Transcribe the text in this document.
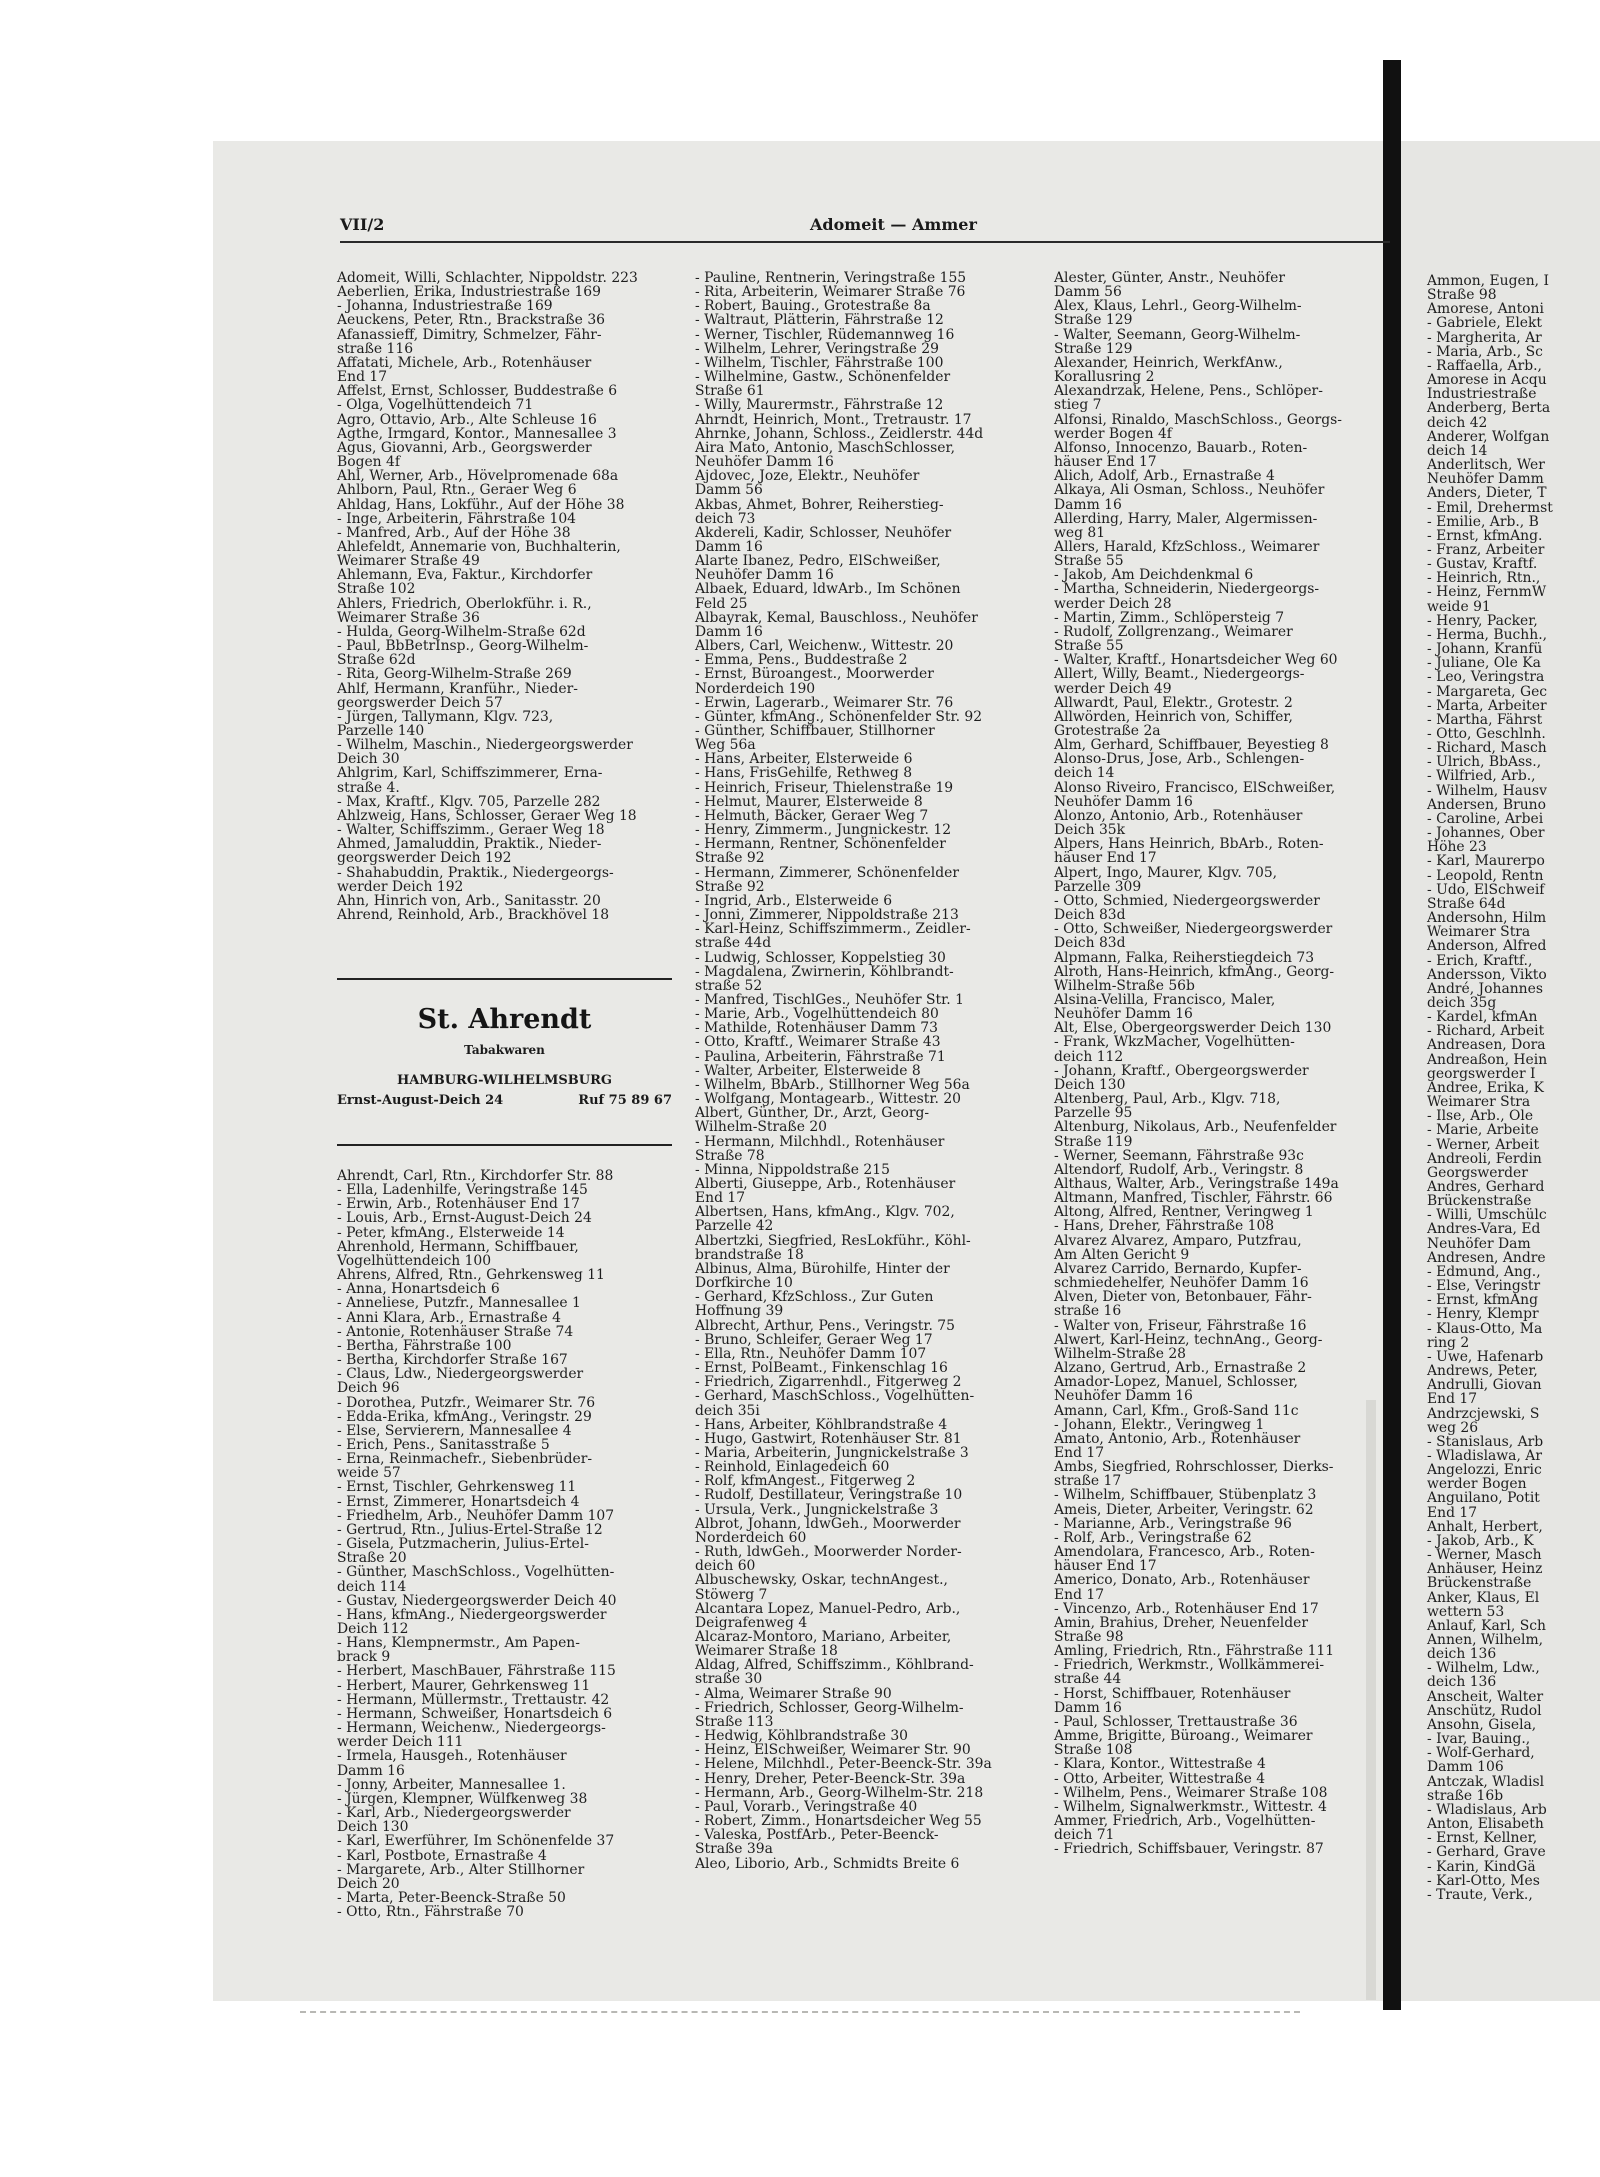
Ammon, Eugen, I

Straße 98

Amorese, Antoni

- Gabriele, Elekt

- Margherita, Ar

- Maria, Arb., Sc

- Raffaella, Arb.,

Amorese in Acqu

Industriestraße

Anderberg, Berta

deich 42

Anderer, Wolfgan

deich 14

Anderlitsch, Wer

Neuhöfer Damm

Anders, Dieter, T

- Emil, Drehermst

- Emilie, Arb., B

- Ernst, kfmAng.

- Franz, Arbeiter

- Gustav, Kraftf.

- Heinrich, Rtn.,

- Heinz, FernmW

weide 91

- Henry, Packer,

- Herma, Buchh.,

- Johann, Kranfü

- Juliane, Ole Ka

- Leo, Veringstra

- Margareta, Gec

- Marta, Arbeiter

- Martha, Fährst

- Otto, Geschlnh.

- Richard, Masch

- Ulrich, BbAss.,

- Wilfried, Arb.,

- Wilhelm, Hausv

Andersen, Bruno

- Caroline, Arbei

- Johannes, Ober

Höhe 23

- Karl, Maurerpo

- Leopold, Rentn

- Udo, ElSchweif

Straße 64d

Andersohn, Hilm

Weimarer Stra

Anderson, Alfred

- Erich, Kraftf.,

Andersson, Vikto

André, Johannes

deich 35g

- Kardel, kfmAn

- Richard, Arbeit

Andreasen, Dora

Andreaßon, Hein

georgswerder I

Andree, Erika, K

Weimarer Stra

- Ilse, Arb., Ole

- Marie, Arbeite

- Werner, Arbeit

Andreoli, Ferdin

Georgswerder

Andres, Gerhard

Brückenstraße

- Willi, Umschülc

Andres-Vara, Ed

Neuhöfer Dam

Andresen, Andre

- Edmund, Ang.,

- Else, Veringstr

- Ernst, kfmAng

- Henry, Klempr

- Klaus-Otto, Ma

ring 2

- Uwe, Hafenarb

Andrews, Peter,

Andrulli, Giovan

End 17

Andrzcjewski, S

weg 26

- Stanislaus, Arb

- Wladislawa, Ar

Angelozzi, Enric

werder Bogen

Anguilano, Potit

End 17

Anhalt, Herbert,

- Jakob, Arb., K

- Werner, Masch

Anhäuser, Heinz

Brückenstraße

Anker, Klaus, El

wettern 53

Anlauf, Karl, Sch

Annen, Wilhelm,

deich 136

- Wilhelm, Ldw.,

deich 136

Anscheit, Walter

Anschütz, Rudol

Ansohn, Gisela,

- Ivar, Bauing.,

- Wolf-Gerhard,

Damm 106

Antczak, Wladisl

straße 16b

- Wladislaus, Arb

Anton, Elisabeth

- Ernst, Kellner,

- Gerhard, Grave

- Karin, KindGä

- Karl-Otto, Mes

- Traute, Verk.,

VII/2	Adomeit — Ammer

Adomeit, Willi, Schlachter, Nippoldstr. 223

Aeberlien, Erika, Industriestraße 169

- Johanna, Industriestraße 169

Aeuckens, Peter, Rtn., Brackstraße 36

Afanassieff, Dimitry, Schmelzer, Fähr-

straße 116

Affatati, Michele, Arb., Rotenhäuser

End 17

Affelst, Ernst, Schlosser, Buddestraße 6

- Olga, Vogelhüttendeich 71

Agro, Ottavio, Arb., Alte Schleuse 16

Agthe, Irmgard, Kontor., Mannesallee 3

Agus, Giovanni, Arb., Georgswerder

Bogen 4f

Ahl, Werner, Arb., Hövelpromenade 68a

Ahlborn, Paul, Rtn., Geraer Weg 6

Ahldag, Hans, Lokführ., Auf der Höhe 38

- Inge, Arbeiterin, Fährstraße 104

- Manfred, Arb., Auf der Höhe 38

Ahlefeldt, Annemarie von, Buchhalterin,

Weimarer Straße 49

Ahlemann, Eva, Faktur., Kirchdorfer

Straße 102

Ahlers, Friedrich, Oberlokführ. i. R.,

Weimarer Straße 36

- Hulda, Georg-Wilhelm-Straße 62d

- Paul, BbBetrInsp., Georg-Wilhelm-

Straße 62d

- Rita, Georg-Wilhelm-Straße 269

Ahlf, Hermann, Kranführ., Nieder-

georgswerder Deich 57

- Jürgen, Tallymann, Klgv. 723,

Parzelle 140

- Wilhelm, Maschin., Niedergeorgswerder

Deich 30

Ahlgrim, Karl, Schiffszimmerer, Erna-

straße 4.

- Max, Kraftf., Klgv. 705, Parzelle 282

Ahlzweig, Hans, Schlosser, Geraer Weg 18

- Walter, Schiffszimm., Geraer Weg 18

Ahmed, Jamaluddin, Praktik., Nieder-

georgswerder Deich 192

- Shahabuddin, Praktik., Niedergeorgs-

werder Deich 192

Ahn, Hinrich von, Arb., Sanitasstr. 20

Ahrend, Reinhold, Arb., Brackhövel 18

St. Ahrendt
Tabakwaren
HAMBURG-WILHELMSBURG
Ernst-August-Deich 24	Ruf 75 89 67

Ahrendt, Carl, Rtn., Kirchdorfer Str. 88

- Ella, Ladenhilfe, Veringstraße 145

- Erwin, Arb., Rotenhäuser End 17

- Louis, Arb., Ernst-August-Deich 24

- Peter, kfmAng., Elsterweide 14

Ahrenhold, Hermann, Schiffbauer,

Vogelhüttendeich 100

Ahrens, Alfred, Rtn., Gehrkensweg 11

- Anna, Honartsdeich 6

- Anneliese, Putzfr., Mannesallee 1

- Anni Klara, Arb., Ernastraße 4

- Antonie, Rotenhäuser Straße 74

- Bertha, Fährstraße 100

- Bertha, Kirchdorfer Straße 167

- Claus, Ldw., Niedergeorgswerder

Deich 96

- Dorothea, Putzfr., Weimarer Str. 76

- Edda-Erika, kfmAng., Veringstr. 29

- Else, Servierern, Mannesallee 4

- Erich, Pens., Sanitasstraße 5

- Erna, Reinmachefr., Siebenbrüder-

weide 57

- Ernst, Tischler, Gehrkensweg 11

- Ernst, Zimmerer, Honartsdeich 4

- Friedhelm, Arb., Neuhöfer Damm 107

- Gertrud, Rtn., Julius-Ertel-Straße 12

- Gisela, Putzmacherin, Julius-Ertel-

Straße 20

- Günther, MaschSchloss., Vogelhütten-

deich 114

- Gustav, Niedergeorgswerder Deich 40

- Hans, kfmAng., Niedergeorgswerder

Deich 112

- Hans, Klempnermstr., Am Papen-

brack 9

- Herbert, MaschBauer, Fährstraße 115

- Herbert, Maurer, Gehrkensweg 11

- Hermann, Müllermstr., Trettaustr. 42

- Hermann, Schweißer, Honartsdeich 6

- Hermann, Weichenw., Niedergeorgs-

werder Deich 111

- Irmela, Hausgeh., Rotenhäuser

Damm 16

- Jonny, Arbeiter, Mannesallee 1.

- Jürgen, Klempner, Wülfkenweg 38

- Karl, Arb., Niedergeorgswerder

Deich 130

- Karl, Ewerführer, Im Schönenfelde 37

- Karl, Postbote, Ernastraße 4

- Margarete, Arb., Alter Stillhorner

Deich 20

- Marta, Peter-Beenck-Straße 50

- Otto, Rtn., Fährstraße 70

- Pauline, Rentnerin, Veringstraße 155

- Rita, Arbeiterin, Weimarer Straße 76

- Robert, Bauing., Grotestraße 8a

- Waltraut, Plätterin, Fährstraße 12

- Werner, Tischler, Rüdemannweg 16

- Wilhelm, Lehrer, Veringstraße 29

- Wilhelm, Tischler, Fährstraße 100

- Wilhelmine, Gastw., Schönenfelder

Straße 61

- Willy, Maurermstr., Fährstraße 12

Ahrndt, Heinrich, Mont., Tretraustr. 17

Ahrnke, Johann, Schloss., Zeidlerstr. 44d

Aira Mato, Antonio, MaschSchlosser,

Neuhöfer Damm 16

Ajdovec, Joze, Elektr., Neuhöfer

Damm 56

Akbas, Ahmet, Bohrer, Reiherstieg-

deich 73

Akdereli, Kadir, Schlosser, Neuhöfer

Damm 16

Alarte Ibanez, Pedro, ElSchweißer,

Neuhöfer Damm 16

Albaek, Eduard, ldwArb., Im Schönen

Feld 25

Albayrak, Kemal, Bauschloss., Neuhöfer

Damm 16

Albers, Carl, Weichenw., Wittestr. 20

- Emma, Pens., Buddestraße 2

- Ernst, Büroangest., Moorwerder

Norderdeich 190

- Erwin, Lagerarb., Weimarer Str. 76

- Günter, kfmAng., Schönenfelder Str. 92

- Günther, Schiffbauer, Stillhorner

Weg 56a

- Hans, Arbeiter, Elsterweide 6

- Hans, FrisGehilfe, Rethweg 8

- Heinrich, Friseur, Thielenstraße 19

- Helmut, Maurer, Elsterweide 8

- Helmuth, Bäcker, Geraer Weg 7

- Henry, Zimmerm., Jungnickestr. 12

- Hermann, Rentner, Schönenfelder

Straße 92

- Hermann, Zimmerer, Schönenfelder

Straße 92

- Ingrid, Arb., Elsterweide 6

- Jonni, Zimmerer, Nippoldstraße 213

- Karl-Heinz, Schiffszimmerm., Zeidler-

straße 44d

- Ludwig, Schlosser, Koppelstieg 30

- Magdalena, Zwirnerin, Köhlbrandt-

straße 52

- Manfred, TischlGes., Neuhöfer Str. 1

- Marie, Arb., Vogelhüttendeich 80

- Mathilde, Rotenhäuser Damm 73

- Otto, Kraftf., Weimarer Straße 43

- Paulina, Arbeiterin, Fährstraße 71

- Walter, Arbeiter, Elsterweide 8

- Wilhelm, BbArb., Stillhorner Weg 56a

- Wolfgang, Montagearb., Wittestr. 20

Albert, Günther, Dr., Arzt, Georg-

Wilhelm-Straße 20

- Hermann, Milchhdl., Rotenhäuser

Straße 78

- Minna, Nippoldstraße 215

Alberti, Giuseppe, Arb., Rotenhäuser

End 17

Albertsen, Hans, kfmAng., Klgv. 702,

Parzelle 42

Albertzki, Siegfried, ResLokführ., Köhl-

brandstraße 18

Albinus, Alma, Bürohilfe, Hinter der

Dorfkirche 10

- Gerhard, KfzSchloss., Zur Guten

Hoffnung 39

Albrecht, Arthur, Pens., Veringstr. 75

- Bruno, Schleifer, Geraer Weg 17

- Ella, Rtn., Neuhöfer Damm 107

- Ernst, PolBeamt., Finkenschlag 16

- Friedrich, Zigarrenhdl., Fitgerweg 2

- Gerhard, MaschSchloss., Vogelhütten-

deich 35i

- Hans, Arbeiter, Köhlbrandstraße 4

- Hugo, Gastwirt, Rotenhäuser Str. 81

- Maria, Arbeiterin, Jungnickelstraße 3

- Reinhold, Einlagedeich 60

- Rolf, kfmAngest., Fitgerweg 2

- Rudolf, Destillateur, Veringstraße 10

- Ursula, Verk., Jungnickelstraße 3

Albrot, Johann, ldwGeh., Moorwerder

Norderdeich 60

- Ruth, ldwGeh., Moorwerder Norder-

deich 60

Albuschewsky, Oskar, technAngest.,

Stöwerg 7

Alcantara Lopez, Manuel-Pedro, Arb.,

Deigrafenweg 4

Alcaraz-Montoro, Mariano, Arbeiter,

Weimarer Straße 18

Aldag, Alfred, Schiffszimm., Köhlbrand-

straße 30

- Alma, Weimarer Straße 90

- Friedrich, Schlosser, Georg-Wilhelm-

Straße 113

- Hedwig, Köhlbrandstraße 30

- Heinz, ElSchweißer, Weimarer Str. 90

- Helene, Milchhdl., Peter-Beenck-Str. 39a

- Henry, Dreher, Peter-Beenck-Str. 39a

- Hermann, Arb., Georg-Wilhelm-Str. 218

- Paul, Vorarb., Veringstraße 40

- Robert, Zimm., Honartsdeicher Weg 55

- Valeska, PostfArb., Peter-Beenck-

Straße 39a

Aleo, Liborio, Arb., Schmidts Breite 6

Alester, Günter, Anstr., Neuhöfer

Damm 56

Alex, Klaus, Lehrl., Georg-Wilhelm-

Straße 129

- Walter, Seemann, Georg-Wilhelm-

Straße 129

Alexander, Heinrich, WerkfAnw.,

Korallusring 2

Alexandrzak, Helene, Pens., Schlöper-

stieg 7

Alfonsi, Rinaldo, MaschSchloss., Georgs-

werder Bogen 4f

Alfonso, Innocenzo, Bauarb., Roten-

häuser End 17

Alich, Adolf, Arb., Ernastraße 4

Alkaya, Ali Osman, Schloss., Neuhöfer

Damm 16

Allerding, Harry, Maler, Algermissen-

weg 81

Allers, Harald, KfzSchloss., Weimarer

Straße 55

- Jakob, Am Deichdenkmal 6

- Martha, Schneiderin, Niedergeorgs-

werder Deich 28

- Martin, Zimm., Schlöpersteig 7

- Rudolf, Zollgrenzang., Weimarer

Straße 55

- Walter, Kraftf., Honartsdeicher Weg 60

Allert, Willy, Beamt., Niedergeorgs-

werder Deich 49

Allwardt, Paul, Elektr., Grotestr. 2

Allwörden, Heinrich von, Schiffer,

Grotestraße 2a

Alm, Gerhard, Schiffbauer, Beyestieg 8

Alonso-Drus, Jose, Arb., Schlengen-

deich 14

Alonso Riveiro, Francisco, ElSchweißer,

Neuhöfer Damm 16

Alonzo, Antonio, Arb., Rotenhäuser

Deich 35k

Alpers, Hans Heinrich, BbArb., Roten-

häuser End 17

Alpert, Ingo, Maurer, Klgv. 705,

Parzelle 309

- Otto, Schmied, Niedergeorgswerder

Deich 83d

- Otto, Schweißer, Niedergeorgswerder

Deich 83d

Alpmann, Falka, Reiherstiegdeich 73

Alroth, Hans-Heinrich, kfmAng., Georg-

Wilhelm-Straße 56b

Alsina-Velilla, Francisco, Maler,

Neuhöfer Damm 16

Alt, Else, Obergeorgswerder Deich 130

- Frank, WkzMacher, Vogelhütten-

deich 112

- Johann, Kraftf., Obergeorgswerder

Deich 130

Altenberg, Paul, Arb., Klgv. 718,

Parzelle 95

Altenburg, Nikolaus, Arb., Neufenfelder

Straße 119

- Werner, Seemann, Fährstraße 93c

Altendorf, Rudolf, Arb., Veringstr. 8

Althaus, Walter, Arb., Veringstraße 149a

Altmann, Manfred, Tischler, Fährstr. 66

Altong, Alfred, Rentner, Veringweg 1

- Hans, Dreher, Fährstraße 108

Alvarez Alvarez, Amparo, Putzfrau,

Am Alten Gericht 9

Alvarez Carrido, Bernardo, Kupfer-

schmiedehelfer, Neuhöfer Damm 16

Alven, Dieter von, Betonbauer, Fähr-

straße 16

- Walter von, Friseur, Fährstraße 16

Alwert, Karl-Heinz, technAng., Georg-

Wilhelm-Straße 28

Alzano, Gertrud, Arb., Ernastraße 2

Amador-Lopez, Manuel, Schlosser,

Neuhöfer Damm 16

Amann, Carl, Kfm., Groß-Sand 11c

- Johann, Elektr., Veringweg 1

Amato, Antonio, Arb., Rotenhäuser

End 17

Ambs, Siegfried, Rohrschlosser, Dierks-

straße 17

- Wilhelm, Schiffbauer, Stübenplatz 3

Ameis, Dieter, Arbeiter, Veringstr. 62

- Marianne, Arb., Veringstraße 96

- Rolf, Arb., Veringstraße 62

Amendolara, Francesco, Arb., Roten-

häuser End 17

Americo, Donato, Arb., Rotenhäuser

End 17

- Vincenzo, Arb., Rotenhäuser End 17

Amin, Brahius, Dreher, Neuenfelder

Straße 98

Amling, Friedrich, Rtn., Fährstraße 111

- Friedrich, Werkmstr., Wollkämmerei-

straße 44

- Horst, Schiffbauer, Rotenhäuser

Damm 16

- Paul, Schlosser, Trettaustraße 36

Amme, Brigitte, Büroang., Weimarer

Straße 108

- Klara, Kontor., Wittestraße 4

- Otto, Arbeiter, Wittestraße 4

- Wilhelm, Pens., Weimarer Straße 108

- Wilhelm, Signalwerkmstr., Wittestr. 4

Ammer, Friedrich, Arb., Vogelhütten-

deich 71

- Friedrich, Schiffsbauer, Veringstr. 87
